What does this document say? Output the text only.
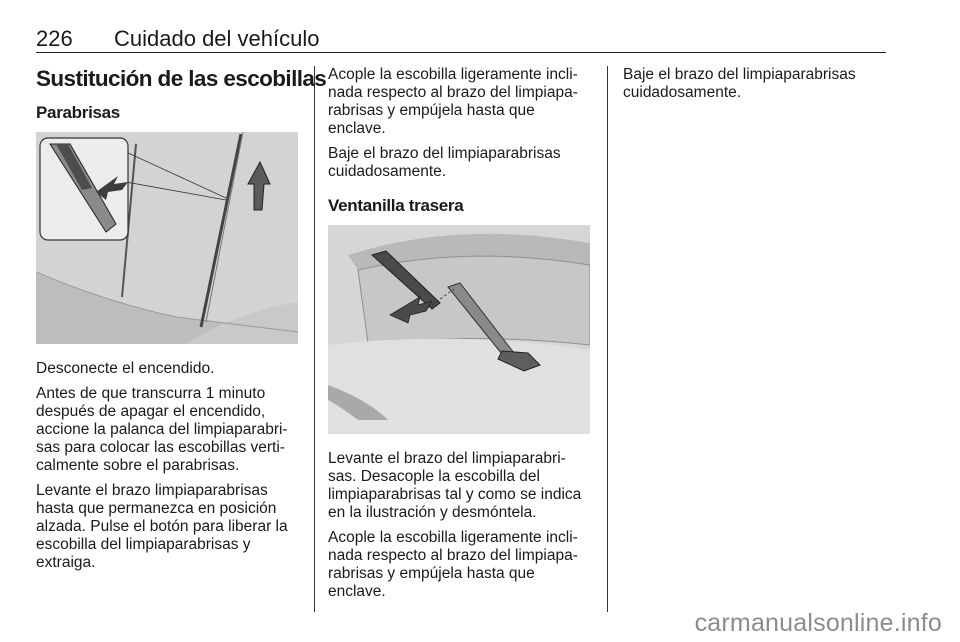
226 Cuidado del vehículo
Sustitución de las escobillas
Parabrisas

Desconecte el encendido.

Antes de que transcurra 1 minuto después de apagar el encendido, accione la palanca del limpiaparabri-sas para colocar las escobillas verti-calmente sobre el parabrisas.

Levante el brazo limpiaparabrisas hasta que permanezca en posición alzada. Pulse el botón para liberar la escobilla del limpiaparabrisas y extraiga.

Acople la escobilla ligeramente incli-nada respecto al brazo del limpiapa-rabrisas y empújela hasta que enclave.

Baje el brazo del limpiaparabrisas cuidadosamente.

Ventanilla trasera

Levante el brazo del limpiaparabri-sas. Desacople la escobilla del limpiaparabrisas tal y como se indica en la ilustración y desmóntela.

Acople la escobilla ligeramente incli-nada respecto al brazo del limpiapa-rabrisas y empújela hasta que enclave.

Baje el brazo del limpiaparabrisas cuidadosamente.

carmanualsonline.info
